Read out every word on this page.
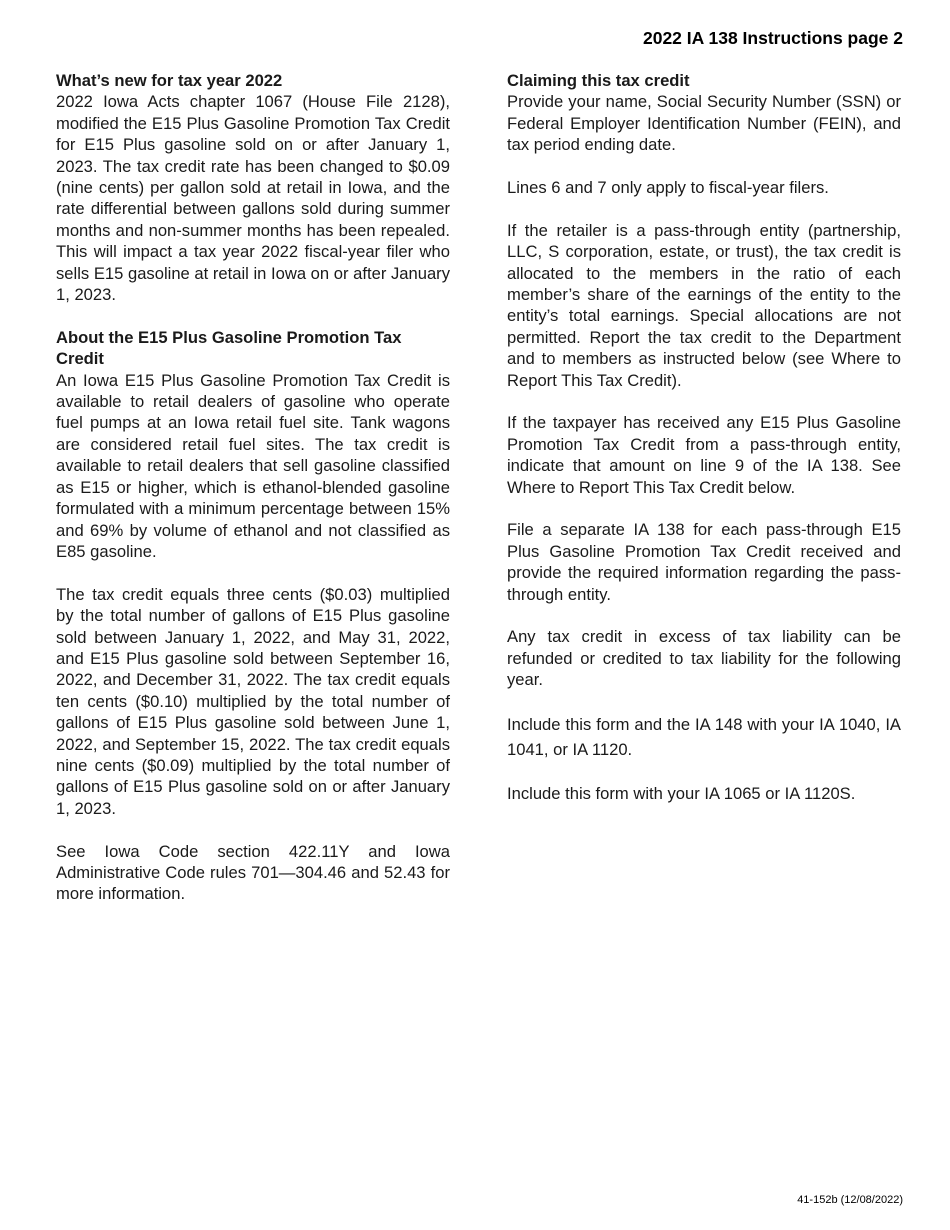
2022 IA 138 Instructions page 2
What’s new for tax year 2022

2022 Iowa Acts chapter 1067 (House File 2128), modified the E15 Plus Gasoline Promotion Tax Credit for E15 Plus gasoline sold on or after January 1, 2023. The tax credit rate has been changed to $0.09 (nine cents) per gallon sold at retail in Iowa, and the rate differential between gallons sold during summer months and non-summer months has been repealed. This will impact a tax year 2022 fiscal-year filer who sells E15 gasoline at retail in Iowa on or after January 1, 2023.

About the E15 Plus Gasoline Promotion Tax Credit

An Iowa E15 Plus Gasoline Promotion Tax Credit is available to retail dealers of gasoline who operate fuel pumps at an Iowa retail fuel site. Tank wagons are considered retail fuel sites. The tax credit is available to retail dealers that sell gasoline classified as E15 or higher, which is ethanol-blended gasoline formulated with a minimum percentage between 15% and 69% by volume of ethanol and not classified as E85 gasoline.

The tax credit equals three cents ($0.03) multiplied by the total number of gallons of E15 Plus gasoline sold between January 1, 2022, and May 31, 2022, and E15 Plus gasoline sold between September 16, 2022, and December 31, 2022. The tax credit equals ten cents ($0.10) multiplied by the total number of gallons of E15 Plus gasoline sold between June 1, 2022, and September 15, 2022. The tax credit equals nine cents ($0.09) multiplied by the total number of gallons of E15 Plus gasoline sold on or after January 1, 2023.

See Iowa Code section 422.11Y and Iowa Administrative Code rules 701—304.46 and 52.43 for more information.

Claiming this tax credit

Provide your name, Social Security Number (SSN) or Federal Employer Identification Number (FEIN), and tax period ending date.

Lines 6 and 7 only apply to fiscal-year filers.

If the retailer is a pass-through entity (partnership, LLC, S corporation, estate, or trust), the tax credit is allocated to the members in the ratio of each member’s share of the earnings of the entity to the entity’s total earnings. Special allocations are not permitted. Report the tax credit to the Department and to members as instructed below (see Where to Report This Tax Credit).

If the taxpayer has received any E15 Plus Gasoline Promotion Tax Credit from a pass-through entity, indicate that amount on line 9 of the IA 138. See Where to Report This Tax Credit below.

File a separate IA 138 for each pass-through E15 Plus Gasoline Promotion Tax Credit received and provide the required information regarding the pass-through entity.

Any tax credit in excess of tax liability can be refunded or credited to tax liability for the following year.

Include this form and the IA 148 with your IA 1040, IA 1041, or IA 1120.

Include this form with your IA 1065 or IA 1120S.

41-152b (12/08/2022)
